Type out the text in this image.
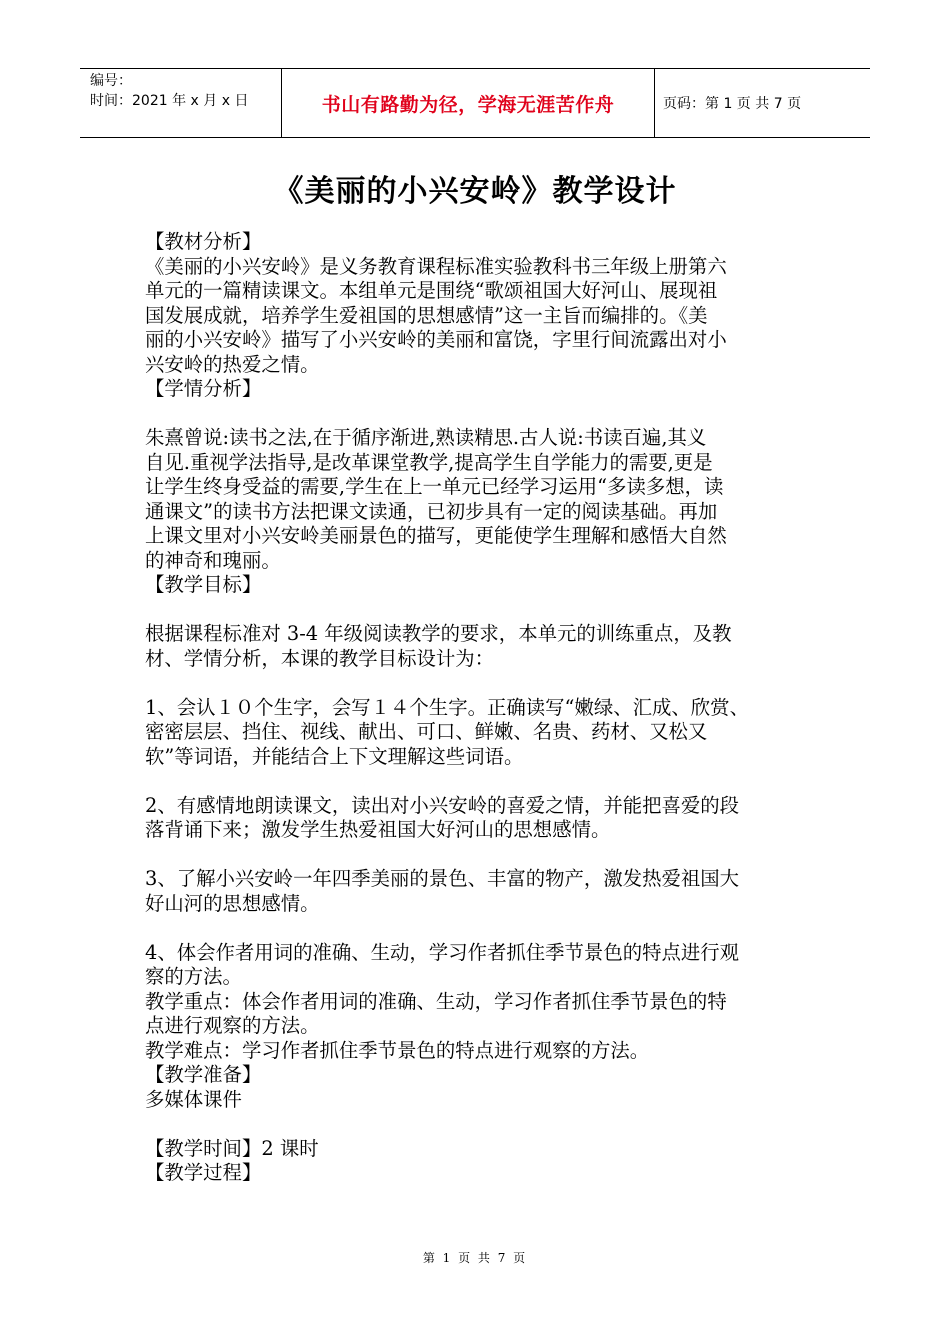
编号：
时间：2021 年 x 月 x 日	书山有路勤为径，学海无涯苦作舟	页码：第 1 页 共 7 页
《美丽的小兴安岭》教学设计

【教材分析】

《美丽的小兴安岭》是义务教育课程标准实验教科书三年级上册第六

单元的一篇精读课文。本组单元是围绕“歌颂祖国大好河山、展现祖

国发展成就，培养学生爱祖国的思想感情”这一主旨而编排的。《美

丽的小兴安岭》描写了小兴安岭的美丽和富饶，字里行间流露出对小

兴安岭的热爱之情。

【学情分析】

朱熹曾说:读书之法,在于循序渐进,熟读精思.古人说:书读百遍,其义

自见.重视学法指导,是改革课堂教学,提高学生自学能力的需要,更是

让学生终身受益的需要,学生在上一单元已经学习运用“多读多想，读

通课文”的读书方法把课文读通，已初步具有一定的阅读基础。再加

上课文里对小兴安岭美丽景色的描写，更能使学生理解和感悟大自然

的神奇和瑰丽。

【教学目标】

根据课程标准对 3-4 年级阅读教学的要求，本单元的训练重点，及教

材、学情分析，本课的教学目标设计为：

1、会认１０个生字，会写１４个生字。正确读写“嫩绿、汇成、欣赏、

密密层层、挡住、视线、献出、可口、鲜嫩、名贵、药材、又松又

软”等词语，并能结合上下文理解这些词语。

2、有感情地朗读课文，读出对小兴安岭的喜爱之情，并能把喜爱的段

落背诵下来；激发学生热爱祖国大好河山的思想感情。

3、了解小兴安岭一年四季美丽的景色、丰富的物产，激发热爱祖国大

好山河的思想感情。

4、体会作者用词的准确、生动，学习作者抓住季节景色的特点进行观

察的方法。

教学重点：体会作者用词的准确、生动，学习作者抓住季节景色的特

点进行观察的方法。

教学难点：学习作者抓住季节景色的特点进行观察的方法。

【教学准备】

多媒体课件

【教学时间】2 课时

【教学过程】

第 1 页 共 7 页
